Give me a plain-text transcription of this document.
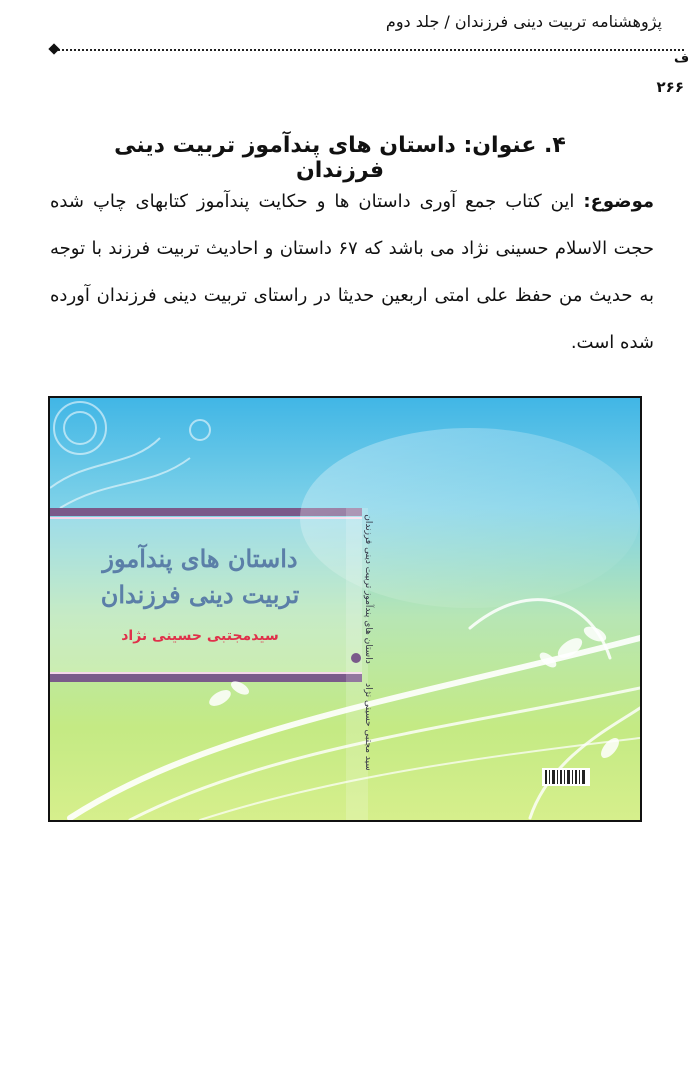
پژوهشنامه تربیت دینی فرزندان / جلد دوم
ف
۲۶۶
۴. عنوان: داستان های پندآموز تربیت دینی فرزندان

موضوع: این کتاب جمع آوری داستان ها و حکایت پندآموز کتابهای چاپ شده حجت الاسلام حسینی نژاد می باشد که ۶۷ داستان و احادیث تربیت فرزند با توجه به حدیث من حفظ علی امتی اربعین حدیثا در راستای تربیت دینی فرزندان آورده شده است.

داستان های پندآموز
تربیت دینی فرزندان
سیدمجتبی حسینی نژاد	داستان های پندآموز تربیت دینی فرزندان
سید مجتبی حسینی نژاد
